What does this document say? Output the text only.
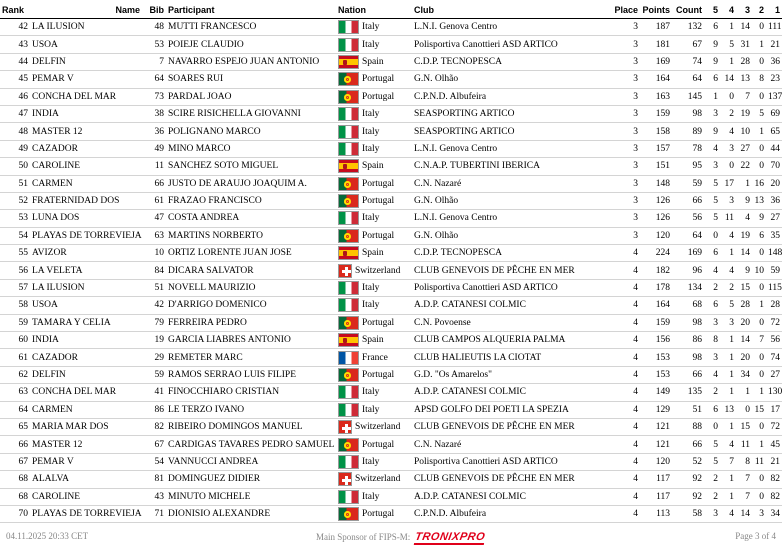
Rank	Name	Bib	Participant	Nation	Club	Place	Points	Count	5	4	3	2	1
42	LA ILUSION	48	MUTTI FRANCESCO	Italy	L.N.I. Genova Centro	3	187	132	6	1	14	0	111
43	USOA	53	POIEJE CLAUDIO	Italy	Polisportiva Canottieri ASD ARTICO	3	181	67	9	5	31	1	21
44	DELFIN	7	NAVARRO ESPEJO JUAN ANTONIO	Spain	C.D.P. TECNOPESCA	3	169	74	9	1	28	0	36
45	PEMAR V	64	SOARES RUI	Portugal	G.N. Olhão	3	164	64	6	14	13	8	23
46	CONCHA DEL MAR	73	PARDAL JOAO	Portugal	C.P.N.D. Albufeira	3	163	145	1	0	7	0	137
47	INDIA	38	SCIRE RISICHELLA GIOVANNI	Italy	SEASPORTING ARTICO	3	159	98	3	2	19	5	69
48	MASTER 12	36	POLIGNANO MARCO	Italy	SEASPORTING ARTICO	3	158	89	9	4	10	1	65
49	CAZADOR	49	MINO MARCO	Italy	L.N.I. Genova Centro	3	157	78	4	3	27	0	44
50	CAROLINE	11	SANCHEZ SOTO MIGUEL	Spain	C.N.A.P. TUBERTINI IBERICA	3	151	95	3	0	22	0	70
51	CARMEN	66	JUSTO DE ARAUJO JOAQUIM A.	Portugal	C.N. Nazaré	3	148	59	5	17	1	16	20
52	FRATERNIDAD DOS	61	FRAZAO FRANCISCO	Portugal	G.N. Olhão	3	126	66	5	3	9	13	36
53	LUNA DOS	47	COSTA ANDREA	Italy	L.N.I. Genova Centro	3	126	56	5	11	4	9	27
54	PLAYAS DE TORREVIEJA	63	MARTINS NORBERTO	Portugal	G.N. Olhão	3	120	64	0	4	19	6	35
55	AVIZOR	10	ORTIZ LORENTE JUAN JOSE	Spain	C.D.P. TECNOPESCA	4	224	169	6	1	14	0	148
56	LA VELETA	84	DICARA SALVATOR	Switzerland	CLUB GENEVOIS DE PÊCHE EN MER	4	182	96	4	4	9	10	59
57	LA ILUSION	51	NOVELL MAURIZIO	Italy	Polisportiva Canottieri ASD ARTICO	4	178	134	2	2	15	0	115
58	USOA	42	D'ARRIGO DOMENICO	Italy	A.D.P. CATANESI COLMIC	4	164	68	6	5	28	1	28
59	TAMARA Y CELIA	79	FERREIRA PEDRO	Portugal	C.N. Povoense	4	159	98	3	3	20	0	72
60	INDIA	19	GARCIA LIABRES ANTONIO	Spain	CLUB CAMPOS ALQUERIA PALMA	4	156	86	8	1	14	7	56
61	CAZADOR	29	REMETER MARC	France	CLUB HALIEUTIS LA CIOTAT	4	153	98	3	1	20	0	74
62	DELFIN	59	RAMOS SERRAO LUIS FILIPE	Portugal	G.D. "Os Amarelos"	4	153	66	4	1	34	0	27
63	CONCHA DEL MAR	41	FINOCCHIARO CRISTIAN	Italy	A.D.P. CATANESI COLMIC	4	149	135	2	1	1	1	130
64	CARMEN	86	LE TERZO IVANO	Italy	APSD GOLFO DEI POETI LA SPEZIA	4	129	51	6	13	0	15	17
65	MARIA MAR DOS	82	RIBEIRO DOMINGOS MANUEL	Switzerland	CLUB GENEVOIS DE PÊCHE EN MER	4	121	88	0	1	15	0	72
66	MASTER 12	67	CARDIGAS TAVARES PEDRO SAMUEL	Portugal	C.N. Nazaré	4	121	66	5	4	11	1	45
67	PEMAR V	54	VANNUCCI ANDREA	Italy	Polisportiva Canottieri ASD ARTICO	4	120	52	5	7	8	11	21
68	ALALVA	81	DOMINGUEZ DIDIER	Switzerland	CLUB GENEVOIS DE PÊCHE EN MER	4	117	92	2	1	7	0	82
68	CAROLINE	43	MINUTO MICHELE	Italy	A.D.P. CATANESI COLMIC	4	117	92	2	1	7	0	82
70	PLAYAS DE TORREVIEJA	71	DIONISIO ALEXANDRE	Portugal	C.P.N.D. Albufeira	4	113	58	3	4	14	3	34
04.11.2025 20:33 CET	Main Sponsor of FIPS-M: TRONIXPRO	Page 3 of 4
